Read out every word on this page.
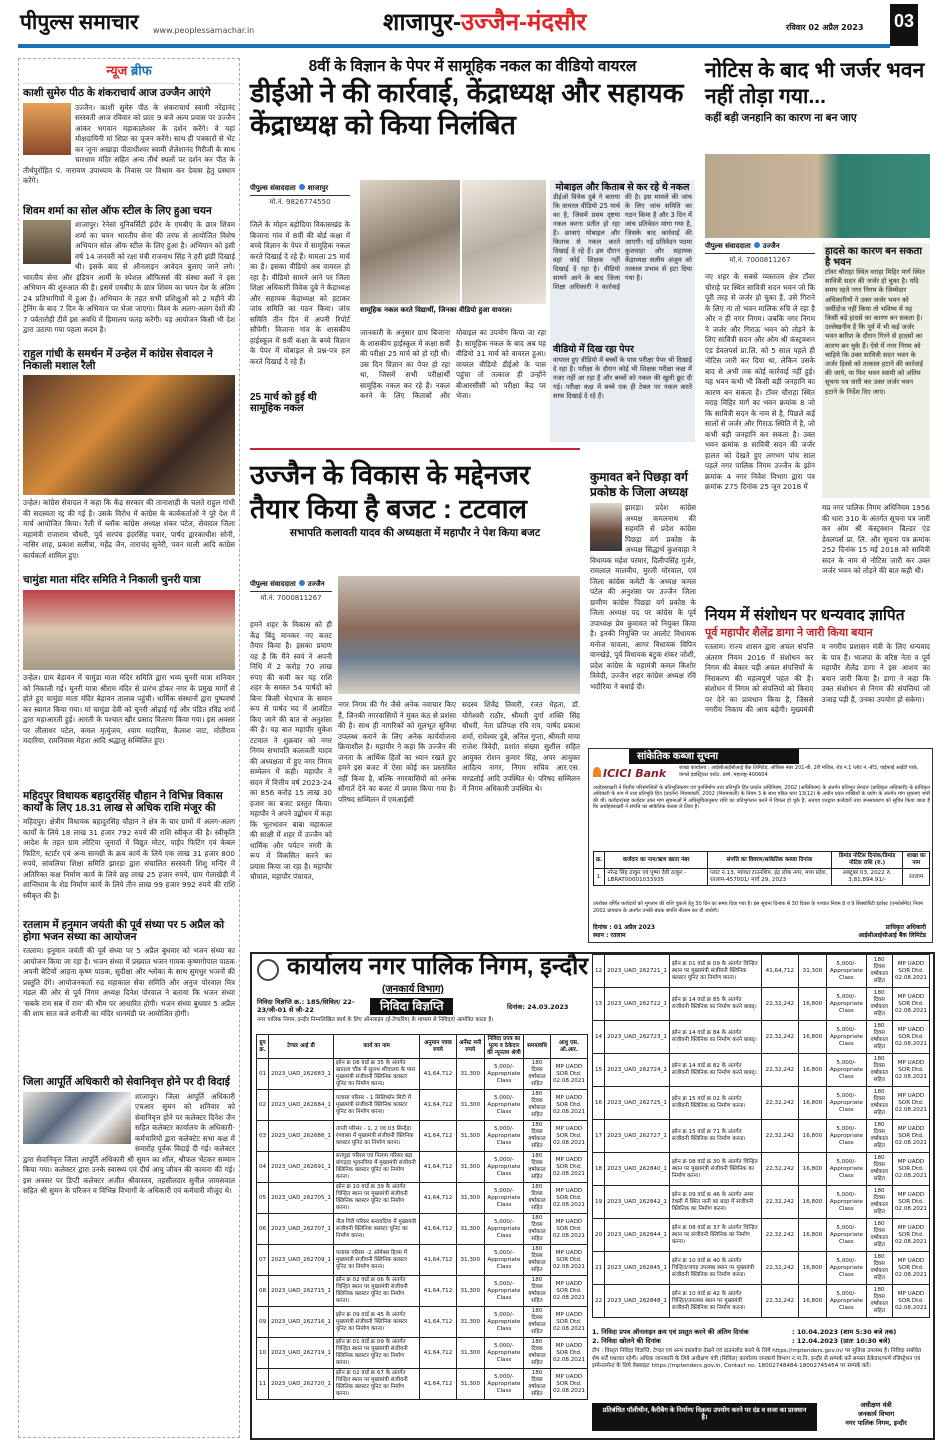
पीपुल्स समाचार www.peoplessamachar.in	शाजापुर-उज्जैन-मंदसौर	रविवार 02 अप्रैल 2023 03
न्यूज ब्रीफ
काशी सुमेरु पीठ के शंकराचार्य आज उज्जैन आएंगे
उज्जैन। काशी सुमेरु पीठ के शंकराचार्य स्वामी नरेंद्रानंद सरस्वती आज रविवार को प्रातः 9 बजे अल्प प्रवास पर उज्जैन आकर भगवान महाकालेश्वर के दर्शन करेंगे। वे यहां मोक्षदायिनी मां शिप्रा का पूजन करेंगे। साथ ही पत्रकारों से भेंट कर जूना अखाड़ा पीठाधीश्वर स्वामी शैलेशानंद गिरीजी के साथ चारधाम मंदिर सहित अन्य तीर्थ स्थलों पर दर्शन कर पीठ के तीर्थपुरोहित पं. नारायण उपाध्याय के निवास पर विश्राम कर देवास हेतु प्रस्थान करेंगे।
शिवम शर्मा का सोल ऑफ स्टील के लिए हुआ चयन
शाजापुर। रेनेसां यूनिवर्सिटी इंदौर के एमबीए के छात्र शिवम शर्मा का चयन भारतीय सेना की तरफ से आयोजित विशेष अभियान सोल ऑफ स्टील के लिए हुआ है। अभियान को इसी वर्ष 14 जनवरी को रक्षा मंत्री राजनाथ सिंह ने हरी झंडी दिखाई थी। इसके बाद से ऑनलाइन आवेदन बुलाए जाने लगे। भारतीय सेना और इंडियन आर्मी के स्पेशल ऑफिसर्स की संस्था क्लॉ ने इस अभियान की शुरुआत की है। इसमें एमबीए के छात्र शिवम का चयन देश के अंतिम 24 प्रतिभागियों में हुआ है। अभियान के तहत सभी प्रशिक्षुओं को 2 महीने की ट्रेनिंग के बाद 7 दिन के अभियान पर भेजा जाएगा। विश्व के अलग-अलग देशों की 7 पर्वतारोही टीमें इस अवधि में हिमालय फतह करेंगी। यह आयोजन किसी भी देश द्वारा उठाया गया पहला कदम है।
राहुल गांधी के समर्थन में उन्हेल में कांग्रेस सेवादल ने निकाली मशाल रैली
उन्हेल। कांग्रेस सेवादल ने कहा कि केंद्र सरकार की तानाशाही के चलते राहुल गांधी की सदस्यता रद्द की गई है। उसके विरोध में कांग्रेस के कार्यकर्ताओं ने पूरे देश में मार्च आयोजित किया। रैली में ब्लॉक कांग्रेस अध्यक्ष शंकर पटेल, सेवादल जिला महामंत्री राजाराम चौधरी, पूर्व सरपंच इंदरसिंह पवार, पार्षद द्वारकाधीश सोनी, नासिर शाह, प्रकाश सलीत्रा, महेंद्र जैन, ताराचंद सुनेरी, पवन माली आदि कांग्रेस कार्यकर्ता शामिल हुए।
चामुंडा माता मंदिर समिति ने निकाली चुनरी यात्रा
उन्हेल। ग्राम बेड़ावन में चामुंडा माता मंदिर समिति द्वारा भव्य चुनरी यात्रा शनिवार को निकाली गई। चुनरी यात्रा श्रीराम मंदिर से प्रारंभ होकर नगर के प्रमुख मार्गों से होते हुए चामुंडा माता मंदिर बेड़ावन तालाब पहुंची। धार्मिक संस्थानों द्वारा पुष्पवर्षा कर स्वागत किया गया। मां चामुंडा देवी को चुनरी ओढ़ाई गई और पंडित रविंद्र शर्मा द्वारा महाआरती हुई। आरती के पश्चात खीर प्रसाद वितरण किया गया। इस अवसर पर लीलाधर पटेल, कमल मृत्युंजय, श्याम मदारिया, कैलाश जाट, मोतीराम मदारिया, रामनिवास मेहता आदि श्रद्धालु सम्मिलित हुए।
महिदपुर विधायक बहादुरसिंह चौहान ने विभिन्न विकास कार्यों के लिए 18.31 लाख से अधिक राशि मंजूर की
महिदपुर। क्षेत्रीय विधायक बहादुरसिंह चौहान ने क्षेत्र के चार ग्रामों में अलग-अलग कार्यों के लिये 18 लाख 31 हजार 792 रुपये की राशि स्वीकृत की है। स्वीकृति आदेश के तहत ग्राम लोटिया जुनार्दा में विद्युत मोटर, पाईप फिटिंग एवं केबल फिटिंग, स्टार्टर एवं अन्य सामग्री के क्रय कार्य के लिये एक लाख 31 हजार 800 रुपये, सांवलिया शिक्षा समिति झारड़ा द्वारा संचालित सरस्वती शिशु मन्दिर में अतिरिक्त कक्ष निर्माण कार्य के लिये छह लाख 25 हजार रुपये, ग्राम गेलाखेड़ी में शान्तिधाम के शेड निर्माण कार्य के लिये तीन लाख 99 हजार 992 रुपये की राशि स्वीकृत की है।
रतलाम में हनुमान जयंती की पूर्व संध्या पर 5 अप्रैल को होगा भजन संध्या का आयोजन
रतलाम। हनुमान जयंती की पूर्व संध्या पर 5 अप्रैल बुधवार को भजन संध्या का आयोजन किया जा रहा है। भजन संध्या में प्रख्यात भजन गायक कृष्णगोपाल पाठक अपनी बेटियों आहना कृष्ण पाठक, सुदीक्षा और श्लोका के साथ सुमधुर भजनों की प्रस्तुति देंगे। आयोजनकर्ता रुद्र महाकाल सेवा समिति और अनुज पोरवाल मित्र मंडल की ओर से पूर्व निगम अध्यक्ष दिनेश पोरवाल ने बताया कि भजन संध्या 'सबके राम सब में राम' की थीम पर आधारित होगी। भजन संध्या बुधवार 5 अप्रैल की शाम सात बजे शनीजी का मंदिर धानमंडी पर आयोजित होगी।
जिला आपूर्ति अधिकारी को सेवानिवृत्त होने पर दी विदाई
शाजापुर। जिला आपूर्ति अधिकारी एचआर सुमन को शनिवार को सेवानिवृत्त होने पर कलेक्टर दिनेश जैन सहित कलेक्टर कार्यालय के अधिकारी-कर्मचारियों द्वारा कलेक्टेट सभा कक्ष में समारोह पूर्वक विदाई दी गई। कलेक्टर द्वारा सेवानिवृत्त जिला आपूर्ति अधिकारी श्री सुमन का शॉल, श्रीफल भेंटकर सम्मान किया गया। कलेक्टर द्वारा उनके स्वास्थ्य एवं दीर्घ आयु जीवन की कामना की गई। इस अवसर पर डिप्टी कलेक्टर अजीत श्रीवास्तव, तहसीलदार सुनील जायसवाल सहित श्री सुमन के परिजन व विभिन्न विभागों के अधिकारी एवं कर्मचारी मौजूद थे।
8वीं के विज्ञान के पेपर में सामूहिक नकल का वीडियो वायरल
डीईओ ने की कार्रवाई, केंद्राध्यक्ष और सहायक केंद्राध्यक्ष को किया निलंबित
पीपुल्स संवाददाता शाजापुर
मो.नं. 9826774550
जिले के मोहन बड़ोदिया विकासखंड के बिजाना गांव में 8वीं की बोर्ड कक्षा में बच्चे विज्ञान के पेपर में सामूहिक नकल करते दिखाई दे रहे हैं। मामला 25 मार्च का है। इसका वीडियो अब वायरल हो रहा है। वीडियो सामने आने पर जिला शिक्षा अधिकारी विवेक दुबे ने केंद्राध्यक्ष और सहायक केंद्राध्यक्ष को हटाकर जांच समिति का गठन किया। जांच समिति तीन दिन में अपनी रिपोर्ट सौंपेगी। विजाना गांव के शासकीय हाईस्कूल में 8वीं कक्षा के बच्चे विज्ञान के पेपर में मोबाइल से प्रश्न-पत्र हल करते दिखाई दे रहे हैं।
25 मार्च को हुई थी सामूहिक नकल
सामूहिक नकल करते विद्यार्थी, जिनका वीडियो हुआ वायरल।
जानकारी के अनुसार ग्राम बिजाना के शासकीय हाईस्कूल में कक्षा 8वीं की परीक्षा 25 मार्च को हो रही थी। उस दिन विज्ञान का पेपर हो रहा था, जिसमें सभी परीक्षार्थी सामूहिक नकल कर रहे हैं। नकल करने के लिए किताबों और मोबाइल का उपयोग किया जा रहा है। सामूहिक नकल के बाद अब यह वीडियो 31 मार्च को वायरल हुआ। वायरल वीडियो डीईओ के पास पहुंचा तो तत्काल ही उन्होंने बीआरसीसी को परीक्षा केंद्र पर भेजा।
मोबाइल और किताब से कर रहे थे नकल
डीईओ विवेक दुबे ने बताया कि वायरल वीडियो 25 मार्च का है, जिसमें प्रथम दृष्टया नकल करना प्रतीत हो रहा है। छात्राएं मोबाइल और किताब से नकल करते दिखाई दे रहे हैं। इस दौरान वहां कोई शिक्षक नहीं दिखाई दे रहा है। वीडियो सामने आने के बाद जिला शिक्षा अधिकारी ने कार्रवाई की है। इस मामले की जांच के लिए जांच समिति का गठन किया है और 3 दिन में जांच प्रतिवेदन मांगा गया है, जिसके बाद कार्रवाई की जाएगी। नई प्रतिवेदन पदमा कुशवाहा और सहायक केंद्राध्यक्ष सलीम अंजुम को तत्काल प्रभाव से हटा दिया गया है।
वीडियो में दिख रहा पेपर
वायरल हुए वीडियो में बच्चों के पास परीक्षा पेपर भी दिखाई दे रहा है। परीक्षा के दौरान कोई भी शिक्षक परीक्षा कक्ष में नजर नहीं आ रहा है और बच्चों को नकल की खुली छूट दी गई। परीक्षा कक्ष में बच्चे एक ही टेबल पर नकल करते साफ दिखाई दे रहे हैं।
नोटिस के बाद भी जर्जर भवन नहीं तोड़ा गया...
कहीं बड़ी जनहानि का कारण ना बन जाए
पीपुल्स संवाददाता उज्जैन
मो.नं. 7000811267
नए शहर के सबसे व्यस्ततम क्षेत्र टॉवर चौराहे पर स्थित सावित्री सदन भवन जो कि पूरी तरह से जर्जर हो चुका है, उसे गिराने के लिए ना तो भवन मालिक रुचि ले रहा है और न ही नगर निगम। जबकि नगर निगम ने जर्जर और गिराऊ भवन को तोड़ने के लिए सावित्री सदन और ओम श्री कंस्ट्रक्शन एंड डेवलपर्स प्रा.लि. को 5 साल पहले ही नोटिस जारी कर दिया था, लेकिन उसके बाद से अभी तक कोई कार्रवाई नहीं हुई। यह भवन कभी भी किसी बड़ी जनहानि का कारण बन सकता है। टॉवर चौराहा स्थित वराह मिहिर मार्ग का भवन क्रमांक 8 जो कि सावित्री सदन के नाम से है, पिछले कई सालों से जर्जर और गिराऊ स्थिति में है, जो कभी बड़ी जनहानि कर सकता है। उक्त भवन क्रमांक 8 सावित्री सदन की जर्जर हालत को देखते हुए लगभग पांच साल पहले नगर पालिक निगम उज्जैन के झोन क्रमांक 4 नगर निवेश विभाग द्वारा पत्र क्रमांक 275 दिनांक 25 जून 2018 में
हादसे का कारण बन सकता है भवन
टॉवर चौराहा स्थित वराहा मिहिर मार्ग स्थित सावित्री सदन की जर्जर हो चुका है। यदि समय रहते नगर निगम के जिम्मेदार अधिकारियों ने उक्त जर्जर भवन को जमींदोज नहीं किया तो भविष्य में यह किसी बड़े हादसे का कारण बन सकता है। उल्लेखनीय है कि पूर्व में भी कई जर्जर भवन बारिश के दौरान गिरने से हादसों का कारण बन चुके हैं। ऐसे में नगर निगम को चाहिये कि उक्त सावित्री सदन भवन के जर्जर हिस्से को तत्काल हटाने की कार्रवाई की जाये, या फिर भवन स्वामी को अंतिम सूचना पत्र जारी कर उक्त जर्जर भवन हटाने के निर्देश दिए जाएं।
मप्र नगर पालिक निगम अधिनियम 1956 की धारा 310 के अंतर्गत सूचना पत्र जारी कर ओम श्री कंस्ट्रक्शन बिल्डर एंड डेवलपर्स प्रा. लि. और सूचना पत्र क्रमांक 252 दिनांक 15 मई 2018 को सावित्री सदन के नाम से नोटिस जारी कर उक्त जर्जर भवन को तोड़ने की बात कही थी।
उज्जैन के विकास के मद्देनजर तैयार किया है बजट : टटवाल
सभापति कलावती यादव की अध्यक्षता में महापौर ने पेश किया बजट
पीपुल्स संवाददाता उज्जैन
मो.नं. 7000811267
हमने शहर के विकास को ही केंद्र बिंदु मानकर नए बजट तैयार किया है। इसका प्रमाण यह है कि मैंने स्वयं ने अपनी निधि में 2 करोड़ 70 लाख रुपए की कमी कर यह राशि शहर के समस्त 54 पार्षदों को बिना किसी भेदभाव के समान रूप से पार्षद मद में आवंटित किए जाने की बात से अनुशंसा की है। यह बात महापौर मुकेश टटवाल ने शुक्रवार को नगर निगम सभापति कलावती यादव की अध्यक्षता में हुए नगर निगम सम्मेलन में कही। महापौर ने सदन में वित्तीय वर्ष 2023-24 का 856 करोड़ 15 लाख 30 हजार का बजट प्रस्तुत किया। महापौर ने अपने उद्बोधन में कहा कि भूतभावन बाबा महाकाल की साक्षी में शहर में उज्जैन को धार्मिक और पर्यटन नगरी के रूप में विकसित करने का प्रयास किया जा रहा है। महापौर चौपाल, महापौर पंचायत,
नगर निगम की गैर जैसे अनेक नवाचार किए हैं, जिनकी नगरवासियों ने मुक्त कंठ से प्रशंसा की है। साथ ही नागरिकों को मूलभूत सुविधा उपलब्ध कराने के लिए अनेक कार्ययोजना क्रियाशील है। महापौर ने कहा कि उज्जैन की जनता के आर्थिक हितों का ध्यान रखते हुए हमने इस बजट में ऐसा कोई कर प्रस्तावित नहीं किया है, बल्कि नगरवासियों को अनेक सौगातें देने का बजट में प्रयास किया गया है। परिषद सम्मिलन में एमआईसी
सदस्य शिवेंद्र तिवारी, रजत मेहता, डॉ. योगेश्वरी राठौर, श्रीमती दुर्गा शक्ति सिंह चौधरी, नेता प्रतिपक्ष रवि राय, पार्षद प्रकाश शर्मा, रामेश्वर दुबे, अनिल गुप्ता, श्रीमती माया राजेश त्रिवेदी, प्रशांत संख्या सुशील सहित आयुक्त रोशन कुमार सिंह, अपर आयुक्त आदित्य नागर, निगम सचिव आर.एस. मण्डलोई आदि उपस्थित थे। परिषद सम्मिलन में निगम अधिकारी उपस्थित थे।
कुमावत बने पिछड़ा वर्ग प्रकोष्ठ के जिला अध्यक्ष
झारड़ा। प्रदेश कांग्रेस अध्यक्ष कमलनाथ की सहमति से प्रदेश कांग्रेस पिछड़ा वर्ग प्रकोष्ठ के अध्यक्ष सिद्धार्थ कुशवाहा ने विधायक महेश परमार, दिलीपसिंह गुर्जर, रामलाल मालवीय, मुरली मोरवाल, एवं जिला कांग्रेस कमेटी के अध्यक्ष कमल पटेल की अनुशंसा पर उज्जैन जिला ग्रामीण कांग्रेस पिछड़ा वर्ग प्रकोष्ठ के जिला अध्यक्ष पद पर कांग्रेस के पूर्व उपाध्यक्ष प्रेम कुमावत को नियुक्त किया है। इनकी नियुक्ति पर आलोट विधायक मनोज चावला, आगर विधायक विपिन वानखेड़े, पूर्व विधायक बटुक शंकर जोशी, प्रदेश कांग्रेस के महामंत्री कमल किशोर त्रिवेदी, उज्जैन शहर कांग्रेस अध्यक्ष रवि भदौरिया ने बधाई दी।
नियम में संशोधन पर धन्यवाद ज्ञापित
पूर्व महापौर शैलेंद्र डागा ने जारी किया बयान
रतलाम। राज्य शासन द्वारा अचल संपत्ति अंतरण नियम 2016 में संशोधन कर निगम की बेकार पड़ी अचल संपत्तियों के निराकरण की महत्वपूर्ण पहल की है। संशोधन में निगम को संपत्तियों को किराए पर देने का प्रावधान किया है, जिससे नगरीय निकाय की आय बढ़ेगी। मुख्यमंत्री व नगरीय प्रशासन मंत्री के लिए धन्यवाद के पात्र हैं। भाजपा के वरिष्ठ नेता व पूर्व महापौर शैलेंद्र डागा ने इस आशय का बयान जारी किया है। डागा ने कहा कि उक्त संशोधन से निगम की संपत्तियां जो उजाड़ पड़ी हैं, उनका उपयोग हो सकेगा।
सांकेतिक कब्जा सूचना
ICICI Bank	शाखा कार्यालय : आईसीआईसीआई बैंक लिमिटेड, ऑफिस नंबर 201-बी, 2री मंजिल, रोड नं.1 प्लॉट नं.-बी3, वाईफाई आईटी पार्क, वागले इंडस्ट्रियल एस्टेट, ठाणे, महाराष्ट्र-400604
अधोहस्ताक्षरी ने वित्तीय परिसंपत्तियों के प्रतिभूतिकरण एवं पुनर्निर्माण तथा प्रतिभूति हित प्रवर्तन अधिनियम, 2002 (अधिनियम) के अंतर्गत प्रतिभूत लेनदार (प्राधिकृत अधिकारी) के प्राधिकृत अधिकारी के रूप में तथा प्रतिभूति हित (प्रवर्तन) नियमावली, 2002 (नियमावली) के नियम 3 के साथ पठित धारा 13(12) के अधीन प्रदत्त शक्तियों के प्रयोग के अंतर्गत मांग सूचनाएं जारी की थीं। कर्जदार/सह कर्जदार उक्त मांग सूचनाओं में अधिसूचितानुसार राशि का प्रतिभुगतान करने में विफल हो चुके हैं, अतएव एतद्वारा कर्जदारों तथा जनसाधारण को सूचित किया जाता है कि अधोहस्ताक्षरी ने संपत्ति का सांकेतिक कब्जा ले लिया है।
क्र.	कर्जदार का नाम/ऋण खाता नंबर	संपत्ति का विवरण/सांकेतिक कब्जा दिनांक	डिमांड नोटिस दिनांक/डिमांड नोटिस राशि (रु.)	शाखा का नाम
1.	नरेन्द्र सिंह ठाकुर एवं पुष्पा देवी ठाकुर - LBRAT00001033935	प्लाट नं.13, म्यांवत टाउनशिप, इंद्र लोक नगर, मध्य प्रदेश, रतलाम-457001/ मार्च 29, 2023	अक्टूबर 03, 2022 रु. 3,81,894.91/-	रतलाम
उपरोक्त वर्णित कर्जदारों को भुगतान की राशि चुकाने हेतु 30 दिन का समय दिया गया है। इस सूचना दिनांक से 30 दिवस के पश्चात नियम 8 व 9 सिक्योरिटी इंटरेस्ट (एन्फोर्समेंट) नियम 2002 प्रावधान के अंतर्गत उनकी बंधक संपत्ति नीलाम कर दी जायेगी।
दिनांक : 01 अप्रैल 2023
स्थान : रतलाम
प्राधिकृत अधिकारी
आईसीआईसीआई बैंक लिमिटेड
कार्यालय नगर पालिक निगम, इन्दौर
(जनकार्य विभाग)
निविदा विज्ञप्ति क्र.: 185/सिविल/ 22-23/जी-01 से जी-22	निविदा विज्ञप्ति	दिनांक: 24.03.2023
नगर पालिक निगम, इन्दौर निम्नलिखित कार्य के लिए ऑनलाइन (ई-टेण्डरिंग) के माध्यम से निविदाएं आमंत्रित करता है।
ग्रुप क्र.	टेण्डर आई डी	कार्य का नाम	अनुमान पत्रक रुपये	अर्नेस्ट मनी रुपये	निविदा प्रपत्र का मूल्य व ठेकेदार की न्यूनतम श्रेणी	समयावधि	आधु एस. ओ.आर.
01	2023_UAD_262683_1	झोन क्र 08 वार्ड क्र 35 के अंतर्गत खातला चौक में सुलभ शौचालय के पास मुख्यमंत्री संजीवनी क्लिनिक क्लस्टर यूनिट का निर्माण करना।	41,64,712	31,300	5,000/- Appropriate Class	180 दिवस वर्षाकाल सहित	MP UADD SOR Dtd. 02.08.2021
02	2023_UAD_262684_1	पलासा परिसर - 1 सिलिकॉन सिटी में मुख्यमंत्री संजीवनी क्लिनिक क्लस्टर यूनिट का निर्माण करना।	41,64,712	31,300	5,000/- Appropriate Class	180 दिवस वर्षाकाल सहित	MP UADD SOR Dtd. 02.08.2021
03	2023_UAD_262686_1	ताप्ती परिसर - 1, 2 एवं 03 सिन्देड़ा रंगवासा में मुख्यमंत्री संजीवनी क्लिनिक क्लस्टर यूनिट का निर्माण करना।	41,64,712	31,300	5,000/- Appropriate Class	180 दिवस वर्षाकाल सहित	MP UADD SOR Dtd. 02.08.2021
04	2023_UAD_262691_1	सतपुड़ा परिसर एवं निलाम परिसर बड़ा बांगड़दा भुवनपिया में मुख्यमंत्री संजीवनी क्लिनिक क्लस्टर यूनिट का निर्माण करना।	41,64,712	31,300	5,000/- Appropriate Class	180 दिवस वर्षाकाल सहित	MP UADD SOR Dtd. 02.08.2021
05	2023_UAD_262705_1	झोन क्र 10 वार्ड क्र 39 के अंतर्गत चिन्हित स्थान पर मुख्यमंत्री संजीवनी क्लिनिक क्लस्टर यूनिट का निर्माण करना।	41,64,712	31,300	5,000/- Appropriate Class	180 दिवस वर्षाकाल सहित	MP UADD SOR Dtd. 02.08.2021
06	2023_UAD_262707_1	नील गिरी परिसर सनावदिया में मुख्यमंत्री संजीवनी क्लिनिक क्लस्टर यूनिट का निर्माण करना।	41,64,712	31,300	5,000/- Appropriate Class	180 दिवस वर्षाकाल सहित	MP UADD SOR Dtd. 02.08.2021
07	2023_UAD_262709_1	पलासा परिसर -2 ओमेक्स हिल्स में मुख्यमंत्री संजीवनी क्लिनिक क्लस्टर यूनिट का निर्माण करना।	41,64,712	31,300	5,000/- Appropriate Class	180 दिवस वर्षाकाल सहित	MP UADD SOR Dtd. 02.08.2021
08	2023_UAD_262715_1	झोन क्र 02 वार्ड क्र 06 के अंतर्गत चिन्हित स्थान पर मुख्यमंत्री संजीवनी क्लिनिक क्लस्टर यूनिट का निर्माण करना।	41,64,712	31,300	5,000/- Appropriate Class	180 दिवस वर्षाकाल सहित	MP UADD SOR Dtd. 02.08.2021
09	2023_UAD_262716_1	झोन क्र 09 वार्ड क्र 45 के अंतर्गत मुख्यमंत्री संजीवनी क्लिनिक क्लस्टर यूनिट का निर्माण करना।	41,64,712	31,300	5,000/- Appropriate Class	180 दिवस वर्षाकाल सहित	MP UADD SOR Dtd. 02.08.2021
10	2023_UAD_262719_1	झोन क्र 01 वार्ड क्र 09 के अंतर्गत चिन्हित स्थान पर मुख्यमंत्री संजीवनी क्लिनिक क्लस्टर यूनिट का निर्माण करना।	41,64,712	31,300	5,000/- Appropriate Class	180 दिवस वर्षाकाल सहित	MP UADD SOR Dtd. 02.08.2021
11	2023_UAD_262720_1	झोन क्र 02 वार्ड क्र 67 के अंतर्गत चिन्हित स्थान पर मुख्यमंत्री संजीवनी क्लिनिक क्लस्टर यूनिट का निर्माण करना।	41,64,712	31,300	5,000/- Appropriate Class	180 दिवस वर्षाकाल सहित	MP UADD SOR Dtd. 02.08.2021
12	2023_UAD_262721_1	झोन क्र 01 वार्ड क्र 09 के अंतर्गत चिन्हित स्थान पर मुख्यमंत्री संजीवनी क्लिनिक क्लस्टर यूनिट का निर्माण करना।	41,64,712	31,300	5,000/- Appropriate Class	180 दिवस वर्षाकाल सहित	MP UADD SOR Dtd. 02.08.2021
13	2023_UAD_262722_1	झोन क्र 14 वार्ड क्र 85 के अंतर्गत संजीवनी क्लिनिक का निर्माण करने बाबद्।	22,32,242	16,800	5,000/- Appropriate Class	180 दिवस वर्षाकाल सहित	MP UADD SOR Dtd. 02.08.2021
14	2023_UAD_262723_1	झोन क्र 14 वार्ड क्र 84 के अंतर्गत संजीवनी क्लिनिक का निर्माण करने बाबद्।	22,32,242	16,800	5,000/- Appropriate Class	180 दिवस वर्षाकाल सहित	MP UADD SOR Dtd. 02.08.2021
15	2023_UAD_262724_1	झोन क्र 14 वार्ड क्र 82 के अंतर्गत संजीवनी क्लिनिक का निर्माण करने बाबद्।	22,32,242	16,800	5,000/- Appropriate Class	180 दिवस वर्षाकाल सहित	MP UADD SOR Dtd. 02.08.2021
16	2023_UAD_262725_1	झोन क्र 15 वार्ड क्र 02 के अंतर्गत संजीवनी क्लिनिक का निर्माण करना।	22,32,242	16,800	5,000/- Appropriate Class	180 दिवस वर्षाकाल सहित	MP UADD SOR Dtd. 02.08.2021
17	2023_UAD_262727_1	झोन क्र 15 वार्ड क्र 71 के अंतर्गत संजीवनी क्लिनिक का निर्माण करना।	22,32,242	16,800	5,000/- Appropriate Class	180 दिवस वर्षाकाल सहित	MP UADD SOR Dtd. 02.08.2021
18	2023_UAD_262840_1	झोन क्र 08 वार्ड क्र 30 के अंतर्गत चिन्हित स्थान पर मुख्यमंत्री संजीवनी क्लिनिक का निर्माण करना।	22,32,242	16,800	5,000/- Appropriate Class	180 दिवस वर्षाकाल सहित	MP UADD SOR Dtd. 02.08.2021
19	2023_UAD_262842_1	झोन क्र 09 वार्ड क्र 46 के अंतर्गत अमर टेकरी में स्थित नानी का बाड़ा में संजीवनी क्लिनिक का निर्माण करना।	22,32,242	16,800	5,000/- Appropriate Class	180 दिवस वर्षाकाल सहित	MP UADD SOR Dtd. 02.08.2021
20	2023_UAD_262844_1	झोन क्र 08 वार्ड क्र 37 के अंतर्गत चिन्हित स्थान पर संजीवनी क्लिनिक का निर्माण करना।	22,32,242	16,800	5,000/- Appropriate Class	180 दिवस वर्षाकाल सहित	MP UADD SOR Dtd. 02.08.2021
21	2023_UAD_262845_1	झोन क्र 10 वार्ड क्र 40 के अंतर्गत चिन्हित/जगह उपलब्ध स्थान पर मुख्यमंत्री संजीवनी क्लिनिक का निर्माण करना।	22,32,242	16,800	5,000/- Appropriate Class	180 दिवस वर्षाकाल सहित	MP UADD SOR Dtd. 02.08.2021
22	2023_UAD_262848_1	झोन क्र 10 वार्ड क्र 42 के अंतर्गत चिन्हित/उपलब्ध स्थान पर मुख्यमंत्री संजीवनी क्लिनिक का निर्माण करना।	22,32,242	16,800	5,000/- Appropriate Class	180 दिवस वर्षाकाल सहित	MP UADD SOR Dtd. 02.08.2021
1. निविदा प्रपत्र ऑनलाइन क्रय एवं प्रस्तुत करने की अंतिम दिनांक	: 10.04.2023 (शाम 5:30 बजे तक)
2. निविदा खोलने की दिनांक	: 12.04.2023 (प्रातः 10:30 बजे)
टीप : विस्तृत निविदा विज्ञप्ति, टेण्डर एवं अन्य दस्तावेज देखने एवं डाउनलोड करने के लिये https://mptenders.gov.in/ पर सुविधा उपलब्ध है। निविदा संबंधित शेष शर्तें यथावत रहेगी। अधिक जानकारी के लिये अधीक्षण यंत्री (सिविल) कार्यालय जनकार्य विभाग न.पा.नि. इन्दौर से सम्पर्क करें समस्त ठेकेदार/फर्म रजिस्ट्रेशन एवं इम्पेनलमेन्ट के लिये वेबसाइट https://mptenders.gov.in, Contact no. 18002748484-18002745454 पर सम्पर्क करें।
प्रतिबंधित पॉलीथीन, कैरीबैग के निर्माण/ विक्रय/ उपयोग करने पर दंड व सजा का प्रावधान है।
अधीक्षण यंत्री
जनकार्य विभाग
नगर पालिक निगम, इन्दौर
